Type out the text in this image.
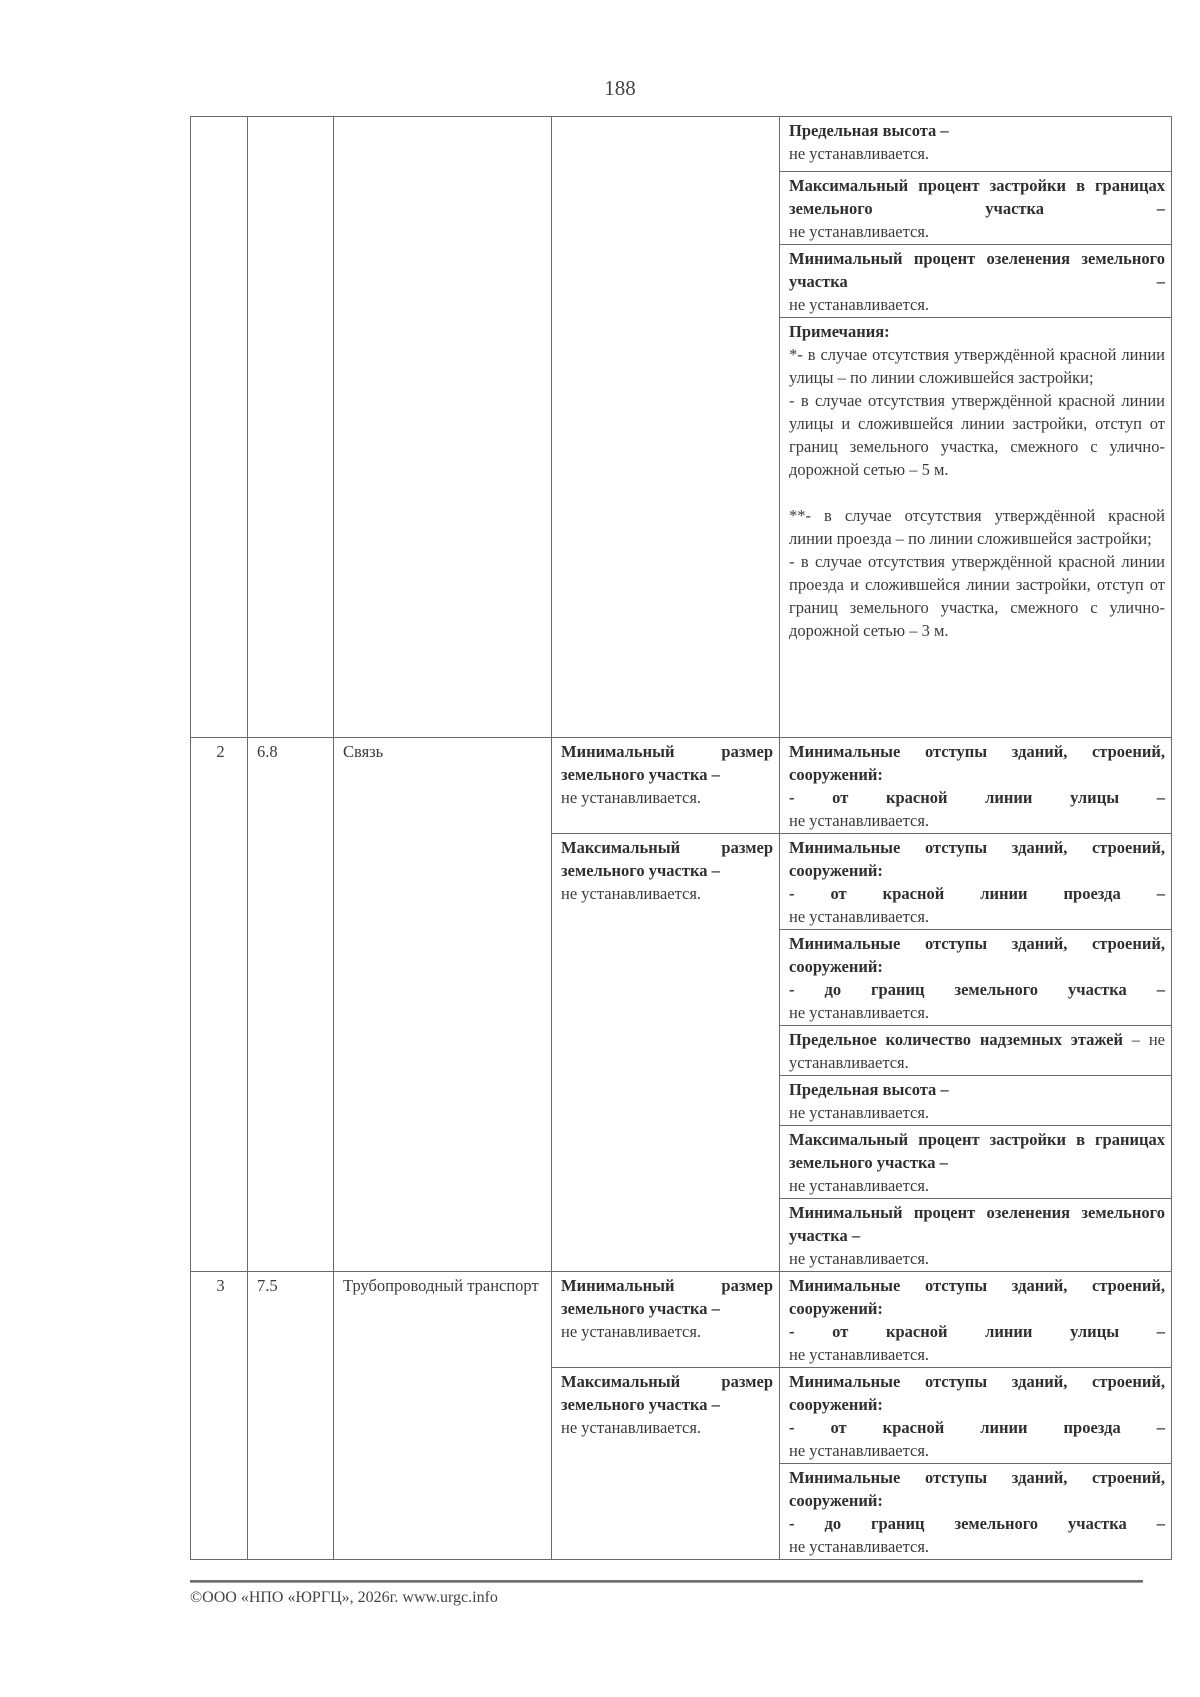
188

				Предельная высота –
не устанавливается.

				Максимальный процент застройки в границах земельного участка –
не устанавливается.

				Минимальный процент озеленения земельного участка –
не устанавливается.

				Примечания:
*- в случае отсутствия утверждённой красной линии улицы – по линии сложившейся застройки;
- в случае отсутствия утверждённой красной линии улицы и сложившейся линии застройки, отступ от границ земельного участка, смежного с улично-дорожной сетью – 5 м.
**- в случае отсутствия утверждённой красной линии проезда – по линии сложившейся застройки;
- в случае отсутствия утверждённой красной линии проезда и сложившейся линии застройки, отступ от границ земельного участка, смежного с улично-дорожной сетью – 3 м.

2	6.8	Связь	Минимальный размер земельного участка –
не устанавливается.	Минимальные отступы зданий, строений, сооружений:
- от красной линии улицы –
не устанавливается.

			Максимальный размер земельного участка –
не устанавливается.	Минимальные отступы зданий, строений, сооружений:
- от красной линии проезда –
не устанавливается.

				Минимальные отступы зданий, строений, сооружений:
- до границ земельного участка –
не устанавливается.

				Предельное количество надземных этажей – не устанавливается.

				Предельная высота –
не устанавливается.

				Максимальный процент застройки в границах земельного участка –
не устанавливается.

				Минимальный процент озеленения земельного участка –
не устанавливается.

3	7.5	Трубопроводный транспорт	Минимальный размер земельного участка –
не устанавливается.	Минимальные отступы зданий, строений, сооружений:
- от красной линии улицы –
не устанавливается.

			Максимальный размер земельного участка –
не устанавливается.	Минимальные отступы зданий, строений, сооружений:
- от красной линии проезда –
не устанавливается.

				Минимальные отступы зданий, строений, сооружений:
- до границ земельного участка –
не устанавливается.
©ООО «НПО «ЮРГЦ», 2026г. www.urgc.info
